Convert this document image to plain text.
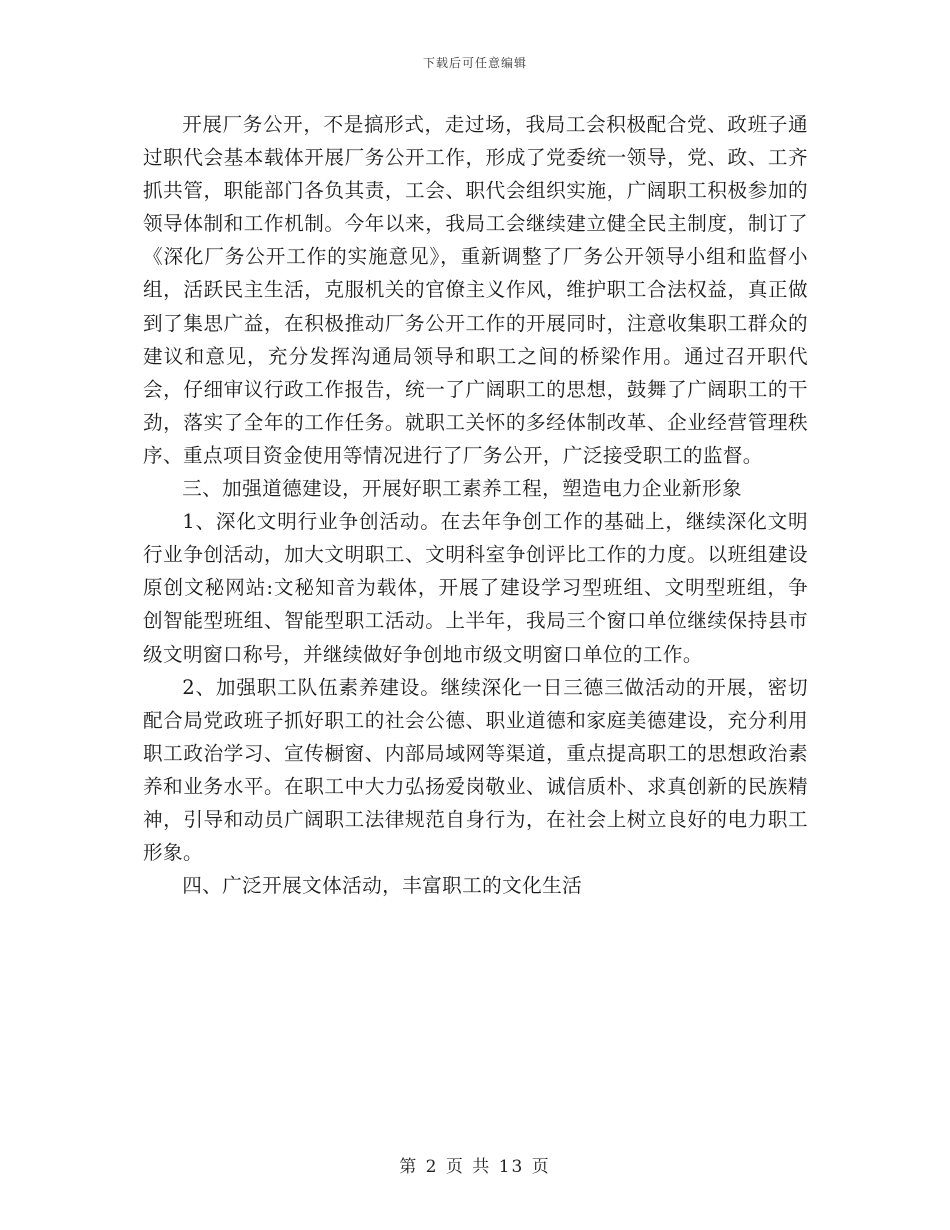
下载后可任意编辑

开展厂务公开，不是搞形式，走过场，我局工会积极配合党、政班子通过职代会基本载体开展厂务公开工作，形成了党委统一领导，党、政、工齐抓共管，职能部门各负其责，工会、职代会组织实施，广阔职工积极参加的领导体制和工作机制。今年以来，我局工会继续建立健全民主制度，制订了《深化厂务公开工作的实施意见》，重新调整了厂务公开领导小组和监督小组，活跃民主生活，克服机关的官僚主义作风，维护职工合法权益，真正做到了集思广益，在积极推动厂务公开工作的开展同时，注意收集职工群众的建议和意见，充分发挥沟通局领导和职工之间的桥梁作用。通过召开职代会，仔细审议行政工作报告，统一了广阔职工的思想，鼓舞了广阔职工的干劲，落实了全年的工作任务。就职工关怀的多经体制改革、企业经营管理秩序、重点项目资金使用等情况进行了厂务公开，广泛接受职工的监督。

三、加强道德建设，开展好职工素养工程，塑造电力企业新形象

1、深化文明行业争创活动。在去年争创工作的基础上，继续深化文明行业争创活动，加大文明职工、文明科室争创评比工作的力度。以班组建设原创文秘网站:文秘知音为载体，开展了建设学习型班组、文明型班组，争创智能型班组、智能型职工活动。上半年，我局三个窗口单位继续保持县市级文明窗口称号，并继续做好争创地市级文明窗口单位的工作。

2、加强职工队伍素养建设。继续深化一日三德三做活动的开展，密切配合局党政班子抓好职工的社会公德、职业道德和家庭美德建设，充分利用职工政治学习、宣传橱窗、内部局域网等渠道，重点提高职工的思想政治素养和业务水平。在职工中大力弘扬爱岗敬业、诚信质朴、求真创新的民族精神，引导和动员广阔职工法律规范自身行为，在社会上树立良好的电力职工形象。

四、广泛开展文体活动，丰富职工的文化生活

第 2 页 共 13 页
